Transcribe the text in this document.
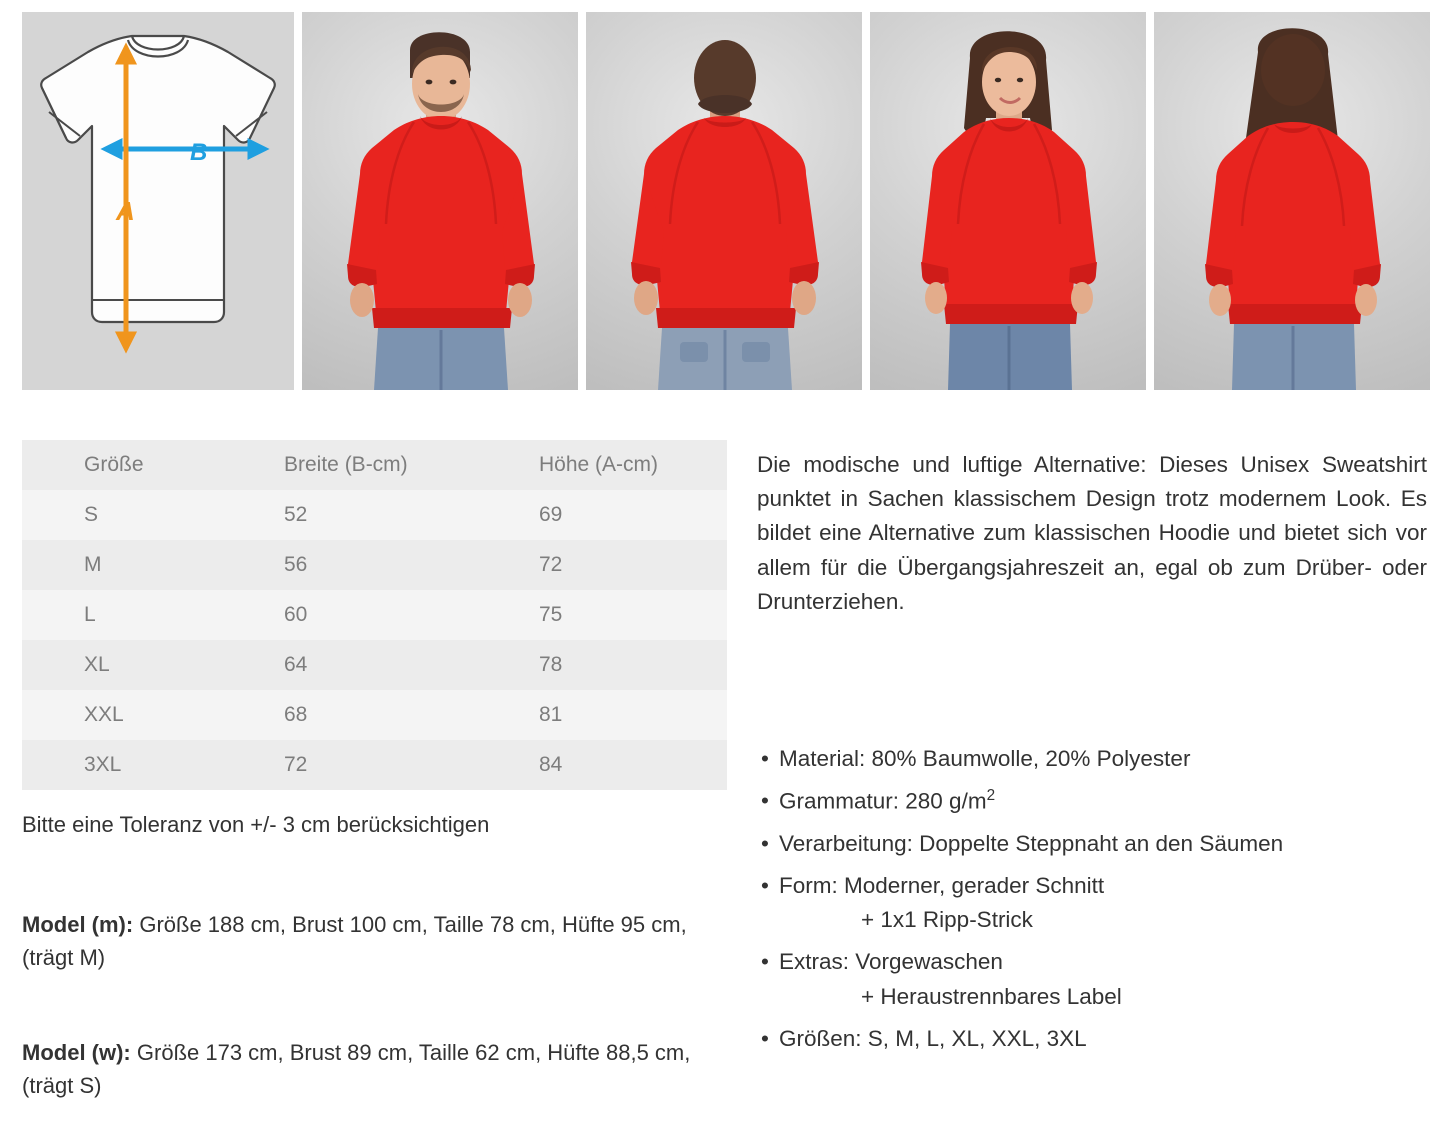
B
A
Größe	Breite (B-cm)	Höhe (A-cm)
S	52	69
M	56	72
L	60	75
XL	64	78
XXL	68	81
3XL	72	84
Bitte eine Toleranz von +/- 3 cm berücksichtigen
Model (m): Größe 188 cm, Brust 100 cm, Taille 78 cm, Hüfte 95 cm, (trägt M)
Model (w): Größe 173 cm, Brust 89 cm, Taille 62 cm, Hüfte 88,5 cm, (trägt S)
Die modische und luftige Alternative: Dieses Unisex Sweatshirt punktet in Sachen klassischem Design trotz modernem Look. Es bildet eine Alternative zum klassischen Hoodie und bietet sich vor allem für die Übergangsjahreszeit an, egal ob zum Drüber- oder Drunterziehen.
• Material: 80% Baumwolle, 20% Polyester
• Grammatur: 280 $g/m^2$
• Verarbeitung: Doppelte Steppnaht an den Säumen
• Form: Moderner, gerader Schnitt
+ 1x1 Ripp-Strick
• Extras: Vorgewaschen
+ Heraustrennbares Label
• Größen: S, M, L, XL, XXL, 3XL
